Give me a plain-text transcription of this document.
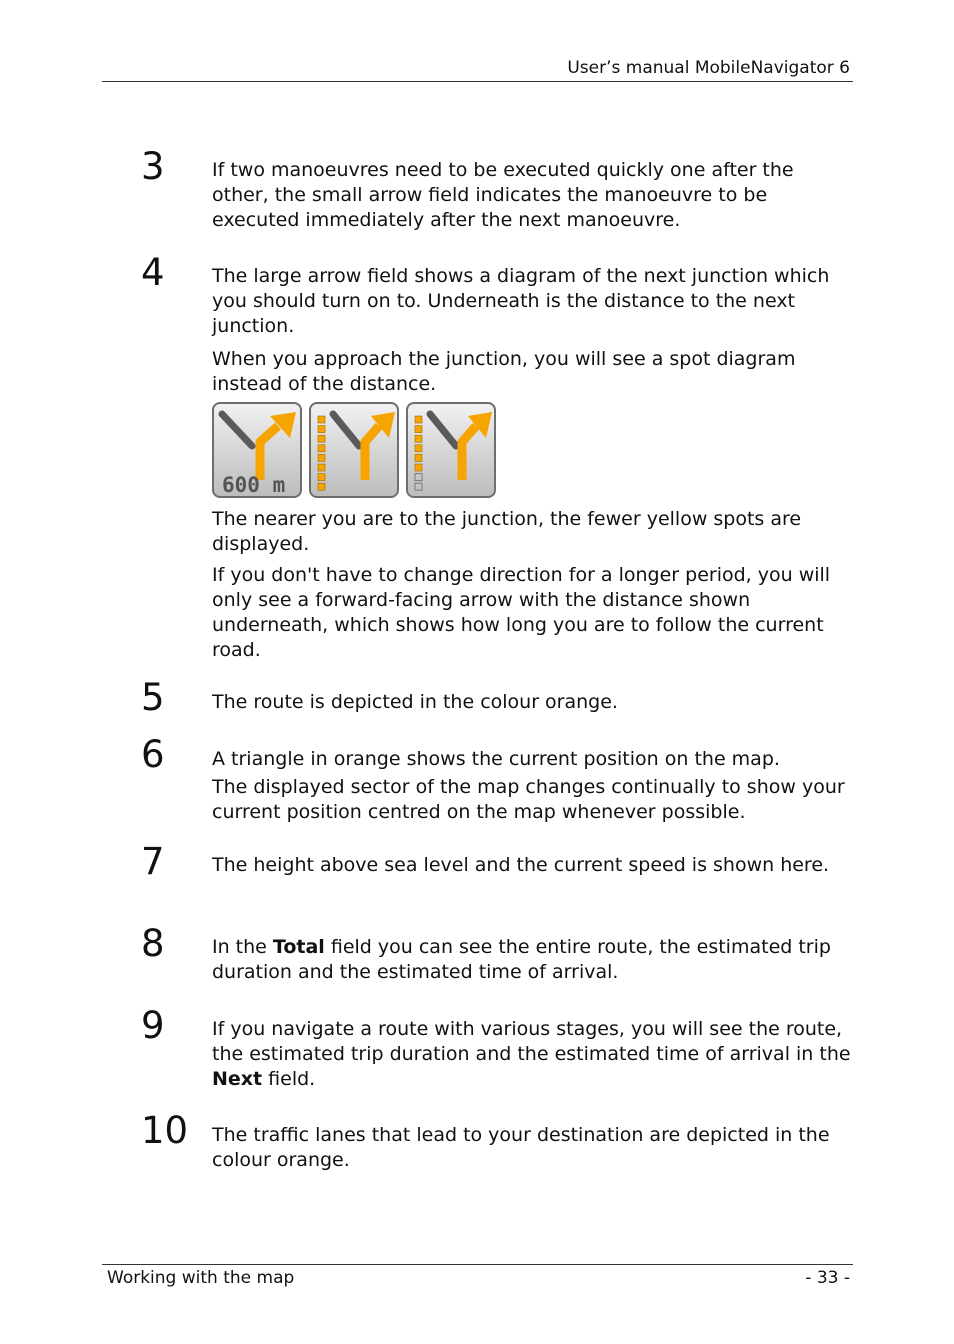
User’s manual MobileNavigator 6
3 If two manoeuvres need to be executed quickly one after the other, the small arrow field indicates the manoeuvre to be executed immediately after the next manoeuvre.

4 The large arrow field shows a diagram of the next junction which you should turn on to. Underneath is the distance to the next junction.

When you approach the junction, you will see a spot diagram instead of the distance.

600 m

The nearer you are to the junction, the fewer yellow spots are displayed.

If you don't have to change direction for a longer period, you will only see a forward-facing arrow with the distance shown underneath, which shows how long you are to follow the current road.

5 The route is depicted in the colour orange.

6 A triangle in orange shows the current position on the map.

The displayed sector of the map changes continually to show your current position centred on the map whenever possible.

7 The height above sea level and the current speed is shown here.

8 In the Total field you can see the entire route, the estimated trip duration and the estimated time of arrival.

9 If you navigate a route with various stages, you will see the route, the estimated trip duration and the estimated time of arrival in the Next field.

10 The traffic lanes that lead to your destination are depicted in the colour orange.

Working with the map	- 33 -
